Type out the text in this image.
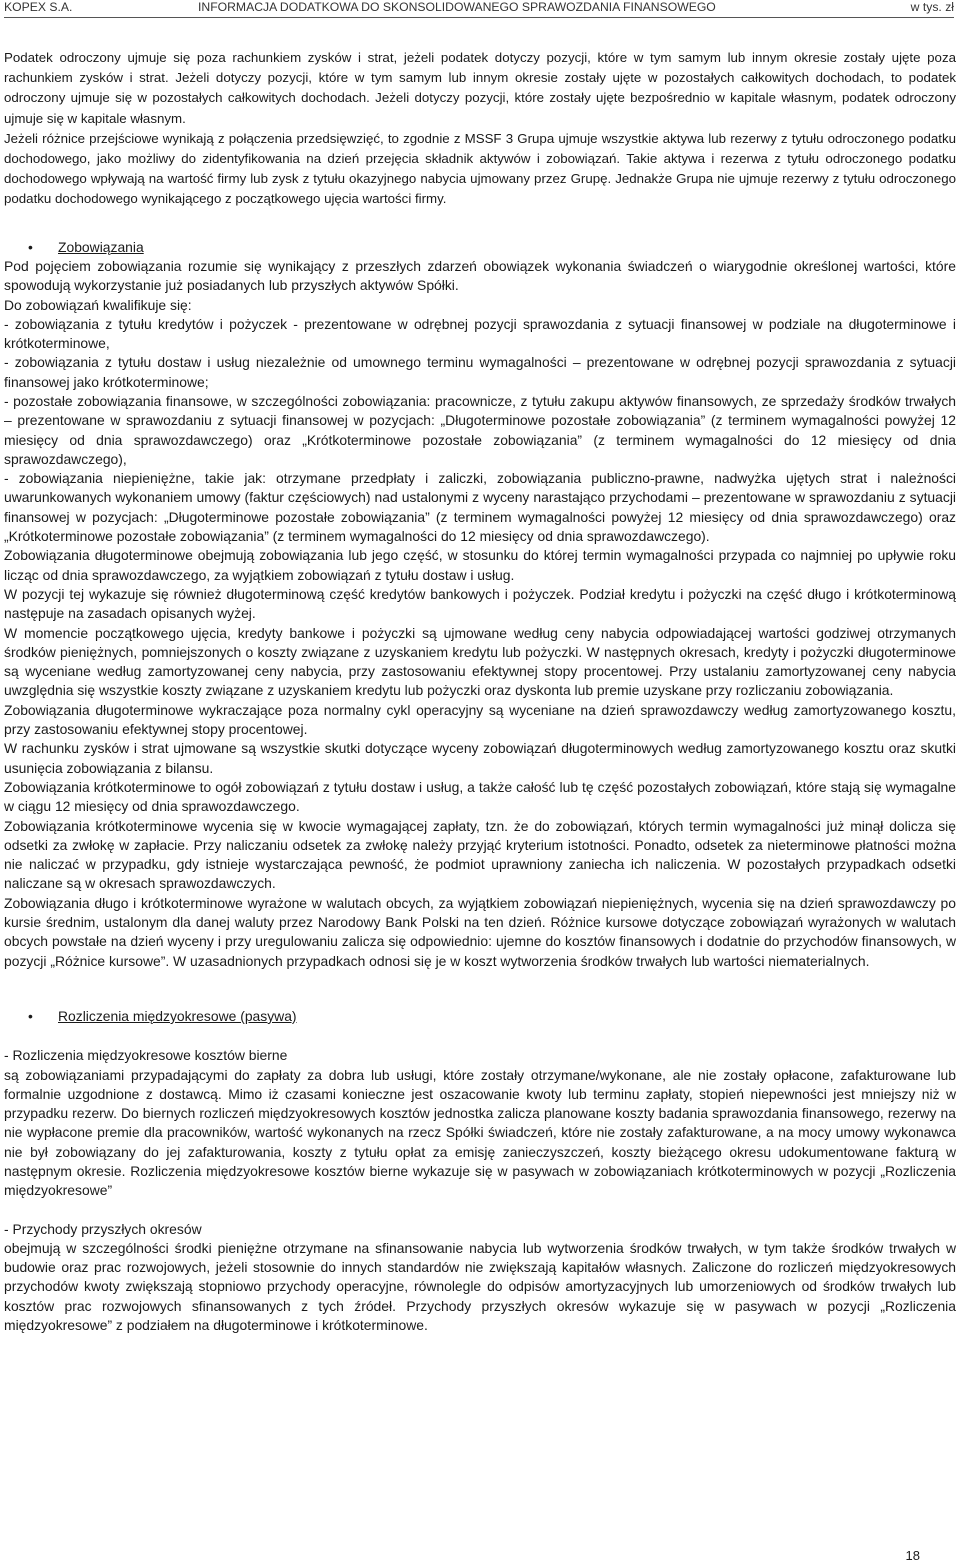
KOPEX S.A.	INFORMACJA DODATKOWA DO SKONSOLIDOWANEGO SPRAWOZDANIA FINANSOWEGO	w tys. zł

Podatek odroczony ujmuje się poza rachunkiem zysków i strat, jeżeli podatek dotyczy pozycji, które w tym samym lub innym okresie zostały ujęte poza rachunkiem zysków i strat. Jeżeli dotyczy pozycji, które w tym samym lub innym okresie zostały ujęte w pozostałych całkowitych dochodach, to podatek odroczony ujmuje się w pozostałych całkowitych dochodach. Jeżeli dotyczy pozycji, które zostały ujęte bezpośrednio w kapitale własnym, podatek odroczony ujmuje się w kapitale własnym.

Jeżeli różnice przejściowe wynikają z połączenia przedsięwzięć, to zgodnie z MSSF 3 Grupa ujmuje wszystkie aktywa lub rezerwy z tytułu odroczonego podatku dochodowego, jako możliwy do zidentyfikowania na dzień przejęcia składnik aktywów i zobowiązań. Takie aktywa i rezerwa z tytułu odroczonego podatku dochodowego wpływają na wartość firmy lub zysk z tytułu okazyjnego nabycia ujmowany przez Grupę. Jednakże Grupa nie ujmuje rezerwy z tytułu odroczonego podatku dochodowego wynikającego z początkowego ujęcia wartości firmy.

• Zobowiązania

Pod pojęciem zobowiązania rozumie się wynikający z przeszłych zdarzeń obowiązek wykonania świadczeń o wiarygodnie określonej wartości, które spowodują wykorzystanie już posiadanych lub przyszłych aktywów Spółki.

Do zobowiązań kwalifikuje się:

- zobowiązania z tytułu kredytów i pożyczek - prezentowane w odrębnej pozycji sprawozdania z sytuacji finansowej w podziale na długoterminowe i krótkoterminowe,

- zobowiązania z tytułu dostaw i usług niezależnie od umownego terminu wymagalności – prezentowane w odrębnej pozycji sprawozdania z sytuacji finansowej jako krótkoterminowe;

- pozostałe zobowiązania finansowe, w szczególności zobowiązania: pracownicze, z tytułu zakupu aktywów finansowych, ze sprzedaży środków trwałych – prezentowane w sprawozdaniu z sytuacji finansowej w pozycjach: „Długoterminowe pozostałe zobowiązania” (z terminem wymagalności powyżej 12 miesięcy od dnia sprawozdawczego) oraz „Krótkoterminowe pozostałe zobowiązania” (z terminem wymagalności do 12 miesięcy od dnia sprawozdawczego),

- zobowiązania niepieniężne, takie jak: otrzymane przedpłaty i zaliczki, zobowiązania publiczno-prawne, nadwyżka ujętych strat i należności uwarunkowanych wykonaniem umowy (faktur częściowych) nad ustalonymi z wyceny narastająco przychodami – prezentowane w sprawozdaniu z sytuacji finansowej w pozycjach: „Długoterminowe pozostałe zobowiązania” (z terminem wymagalności powyżej 12 miesięcy od dnia sprawozdawczego) oraz „Krótkoterminowe pozostałe zobowiązania” (z terminem wymagalności do 12 miesięcy od dnia sprawozdawczego).

Zobowiązania długoterminowe obejmują zobowiązania lub jego część, w stosunku do której termin wymagalności przypada co najmniej po upływie roku licząc od dnia sprawozdawczego, za wyjątkiem zobowiązań z tytułu dostaw i usług.

W pozycji tej wykazuje się również długoterminową część kredytów bankowych i pożyczek. Podział kredytu i pożyczki na część długo i krótkoterminową następuje na zasadach opisanych wyżej.

W momencie początkowego ujęcia, kredyty bankowe i pożyczki są ujmowane według ceny nabycia odpowiadającej wartości godziwej otrzymanych środków pieniężnych, pomniejszonych o koszty związane z uzyskaniem kredytu lub pożyczki. W następnych okresach, kredyty i pożyczki długoterminowe są wyceniane według zamortyzowanej ceny nabycia, przy zastosowaniu efektywnej stopy procentowej. Przy ustalaniu zamortyzowanej ceny nabycia uwzględnia się wszystkie koszty związane z uzyskaniem kredytu lub pożyczki oraz dyskonta lub premie uzyskane przy rozliczaniu zobowiązania.

Zobowiązania długoterminowe wykraczające poza normalny cykl operacyjny są wyceniane na dzień sprawozdawczy według zamortyzowanego kosztu, przy zastosowaniu efektywnej stopy procentowej.

W rachunku zysków i strat ujmowane są wszystkie skutki dotyczące wyceny zobowiązań długoterminowych według zamortyzowanego kosztu oraz skutki usunięcia zobowiązania z bilansu.

Zobowiązania krótkoterminowe to ogół zobowiązań z tytułu dostaw i usług, a także całość lub tę część pozostałych zobowiązań, które stają się wymagalne w ciągu 12 miesięcy od dnia sprawozdawczego.

Zobowiązania krótkoterminowe wycenia się w kwocie wymagającej zapłaty, tzn. że do zobowiązań, których termin wymagalności już minął dolicza się odsetki za zwłokę w zapłacie. Przy naliczaniu odsetek za zwłokę należy przyjąć kryterium istotności. Ponadto, odsetek za nieterminowe płatności można nie naliczać w przypadku, gdy istnieje wystarczająca pewność, że podmiot uprawniony zaniecha ich naliczenia. W pozostałych przypadkach odsetki naliczane są w okresach sprawozdawczych.

Zobowiązania długo i krótkoterminowe wyrażone w walutach obcych, za wyjątkiem zobowiązań niepieniężnych, wycenia się na dzień sprawozdawczy po kursie średnim, ustalonym dla danej waluty przez Narodowy Bank Polski na ten dzień. Różnice kursowe dotyczące zobowiązań wyrażonych w walutach obcych powstałe na dzień wyceny i przy uregulowaniu zalicza się odpowiednio: ujemne do kosztów finansowych i dodatnie do przychodów finansowych, w pozycji „Różnice kursowe”. W uzasadnionych przypadkach odnosi się je w koszt wytworzenia środków trwałych lub wartości niematerialnych.

• Rozliczenia międzyokresowe (pasywa)

- Rozliczenia międzyokresowe kosztów bierne

są zobowiązaniami przypadającymi do zapłaty za dobra lub usługi, które zostały otrzymane/wykonane, ale nie zostały opłacone, zafakturowane lub formalnie uzgodnione z dostawcą. Mimo iż czasami konieczne jest oszacowanie kwoty lub terminu zapłaty, stopień niepewności jest mniejszy niż w przypadku rezerw. Do biernych rozliczeń międzyokresowych kosztów jednostka zalicza planowane koszty badania sprawozdania finansowego, rezerwy na nie wypłacone premie dla pracowników, wartość wykonanych na rzecz Spółki świadczeń, które nie zostały zafakturowane, a na mocy umowy wykonawca nie był zobowiązany do jej zafakturowania, koszty z tytułu opłat za emisję zanieczyszczeń, koszty bieżącego okresu udokumentowane fakturą w następnym okresie. Rozliczenia międzyokresowe kosztów bierne wykazuje się w pasywach w zobowiązaniach krótkoterminowych w pozycji „Rozliczenia międzyokresowe”

- Przychody przyszłych okresów

obejmują w szczególności środki pieniężne otrzymane na sfinansowanie nabycia lub wytworzenia środków trwałych, w tym także środków trwałych w budowie oraz prac rozwojowych, jeżeli stosownie do innych standardów nie zwiększają kapitałów własnych. Zaliczone do rozliczeń międzyokresowych przychodów kwoty zwiększają stopniowo przychody operacyjne, równolegle do odpisów amortyzacyjnych lub umorzeniowych od środków trwałych lub kosztów prac rozwojowych sfinansowanych z tych źródeł. Przychody przyszłych okresów wykazuje się w pasywach w pozycji „Rozliczenia międzyokresowe” z podziałem na długoterminowe i krótkoterminowe.

18
